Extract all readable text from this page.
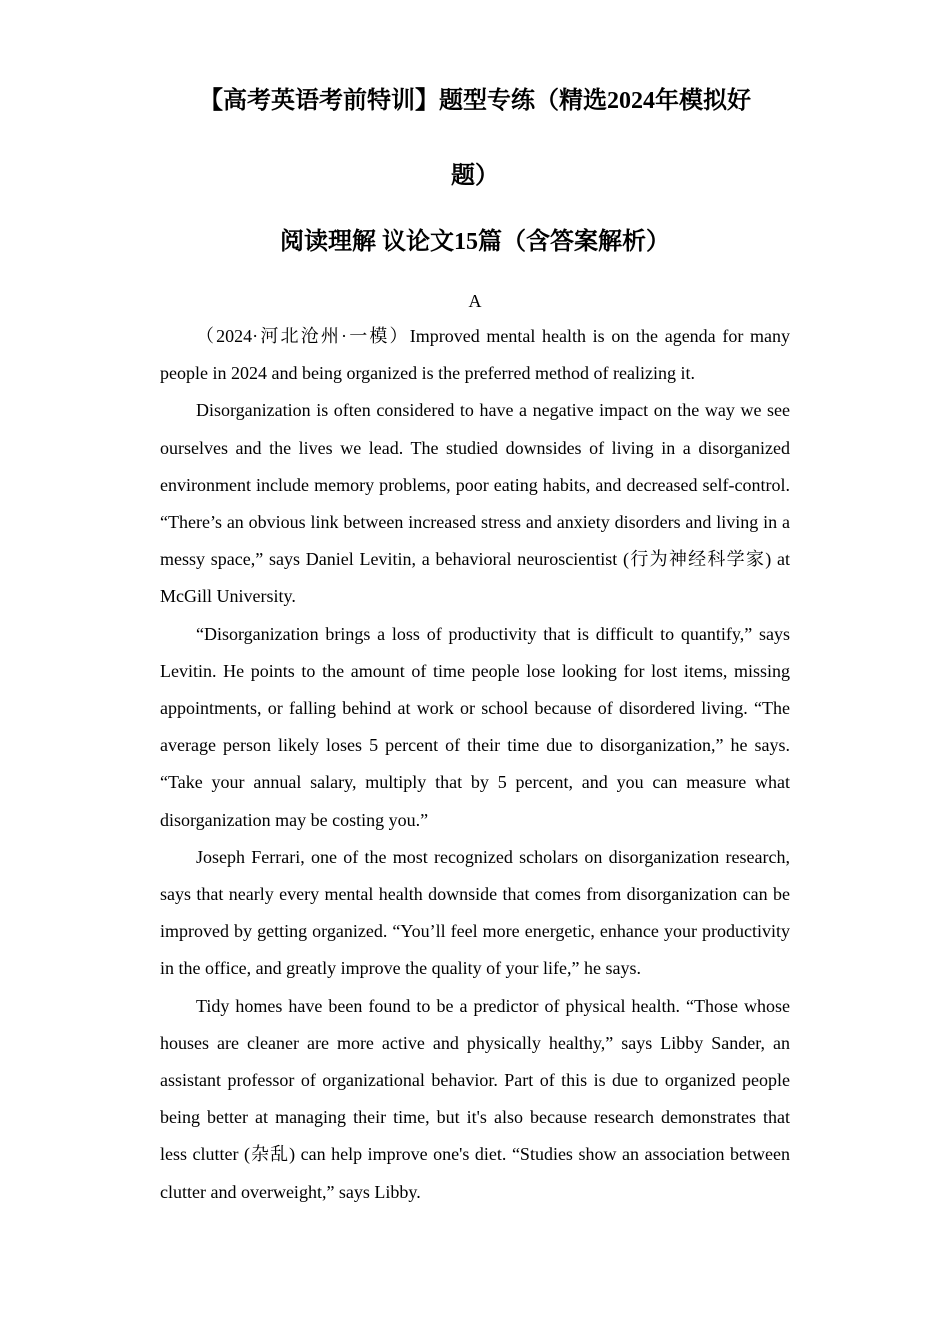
【高考英语考前特训】题型专练（精选2024年模拟好
题）
阅读理解 议论文15篇（含答案解析）
A

（2024·河北沧州·一模）Improved mental health is on the agenda for many people in 2024 and being organized is the preferred method of realizing it.

Disorganization is often considered to have a negative impact on the way we see ourselves and the lives we lead. The studied downsides of living in a disorganized environment include memory problems, poor eating habits, and decreased self-control. “There’s an obvious link between increased stress and anxiety disorders and living in a messy space,” says Daniel Levitin, a behavioral neuroscientist (行为神经科学家) at McGill University.

“Disorganization brings a loss of productivity that is difficult to quantify,” says Levitin. He points to the amount of time people lose looking for lost items, missing appointments, or falling behind at work or school because of disordered living. “The average person likely loses 5 percent of their time due to disorganization,” he says. “Take your annual salary, multiply that by 5 percent, and you can measure what disorganization may be costing you.”

Joseph Ferrari, one of the most recognized scholars on disorganization research, says that nearly every mental health downside that comes from disorganization can be improved by getting organized. “You’ll feel more energetic, enhance your productivity in the office, and greatly improve the quality of your life,” he says.

Tidy homes have been found to be a predictor of physical health. “Those whose houses are cleaner are more active and physically healthy,” says Libby Sander, an assistant professor of organizational behavior. Part of this is due to organized people being better at managing their time, but it's also because research demonstrates that less clutter (杂乱) can help improve one's diet. “Studies show an association between clutter and overweight,” says Libby.
